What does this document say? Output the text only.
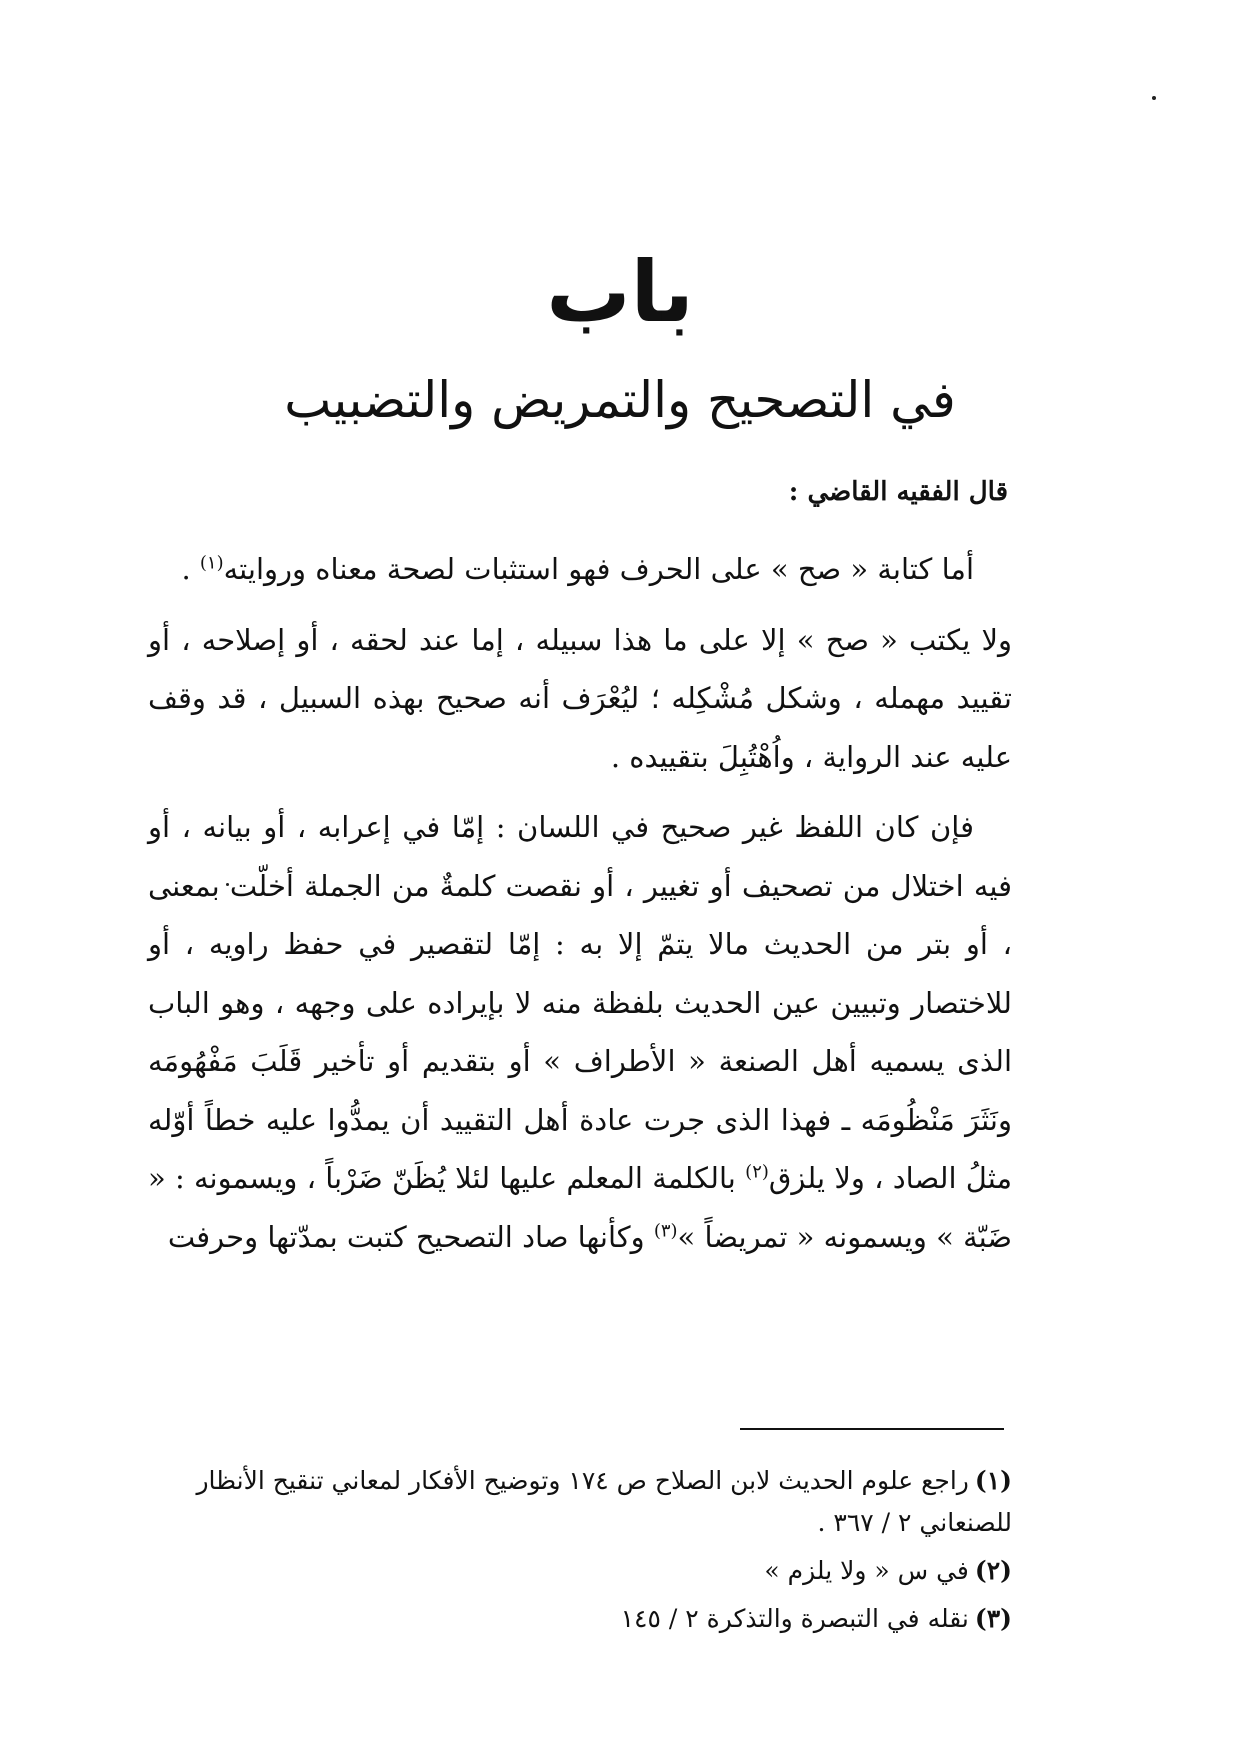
باب
في التصحيح والتمريض والتضبيب
قال الفقيه القاضي :

أما كتابة « صح » على الحرف فهو استثبات لصحة معناه وروايته$^{(١)}$ .

ولا يكتب « صح » إلا على ما هذا سبيله ، إما عند لحقه ، أو إصلاحه ، أو تقييد مهمله ، وشكل مُشْكِله ؛ ليُعْرَف أنه صحيح بهذه السبيل ، قد وقف عليه عند الرواية ، واُهْتُبِلَ بتقييده .

فإن كان اللفظ غير صحيح في اللسان : إمّا في إعرابه ، أو بيانه ، أو فيه اختلال من تصحيف أو تغيير ، أو نقصت كلمةٌ من الجملة أخلّت بمعنى ، أو بتر من الحديث مالا يتمّ إلا به : إمّا لتقصير في حفظ راويه ، أو للاختصار وتبيين عين الحديث بلفظة منه لا بإيراده على وجهه ، وهو الباب الذى يسميه أهل الصنعة « الأطراف » أو بتقديم أو تأخير قَلَبَ مَفْهُومَه ونَثَرَ مَنْظُومَه ـ فهذا الذى جرت عادة أهل التقييد أن يمدُّوا عليه خطاً أوّله مثلُ الصاد ، ولا يلزق$^{(٢)}$ بالكلمة المعلم عليها لئلا يُظَنّ ضَرْباً ، ويسمونه : « ضَبّة » ويسمونه « تمريضاً »$^{(٣)}$ وكأنها صاد التصحيح كتبت بمدّتها وحرفت

(١)راجع علوم الحديث لابن الصلاح ص ١٧٤ وتوضيح الأفكار لمعاني تنقيح الأنظار للصنعاني ٢ / ٣٦٧ .

(٢)في س « ولا يلزم »

(٣)نقله في التبصرة والتذكرة ٢ / ١٤٥
